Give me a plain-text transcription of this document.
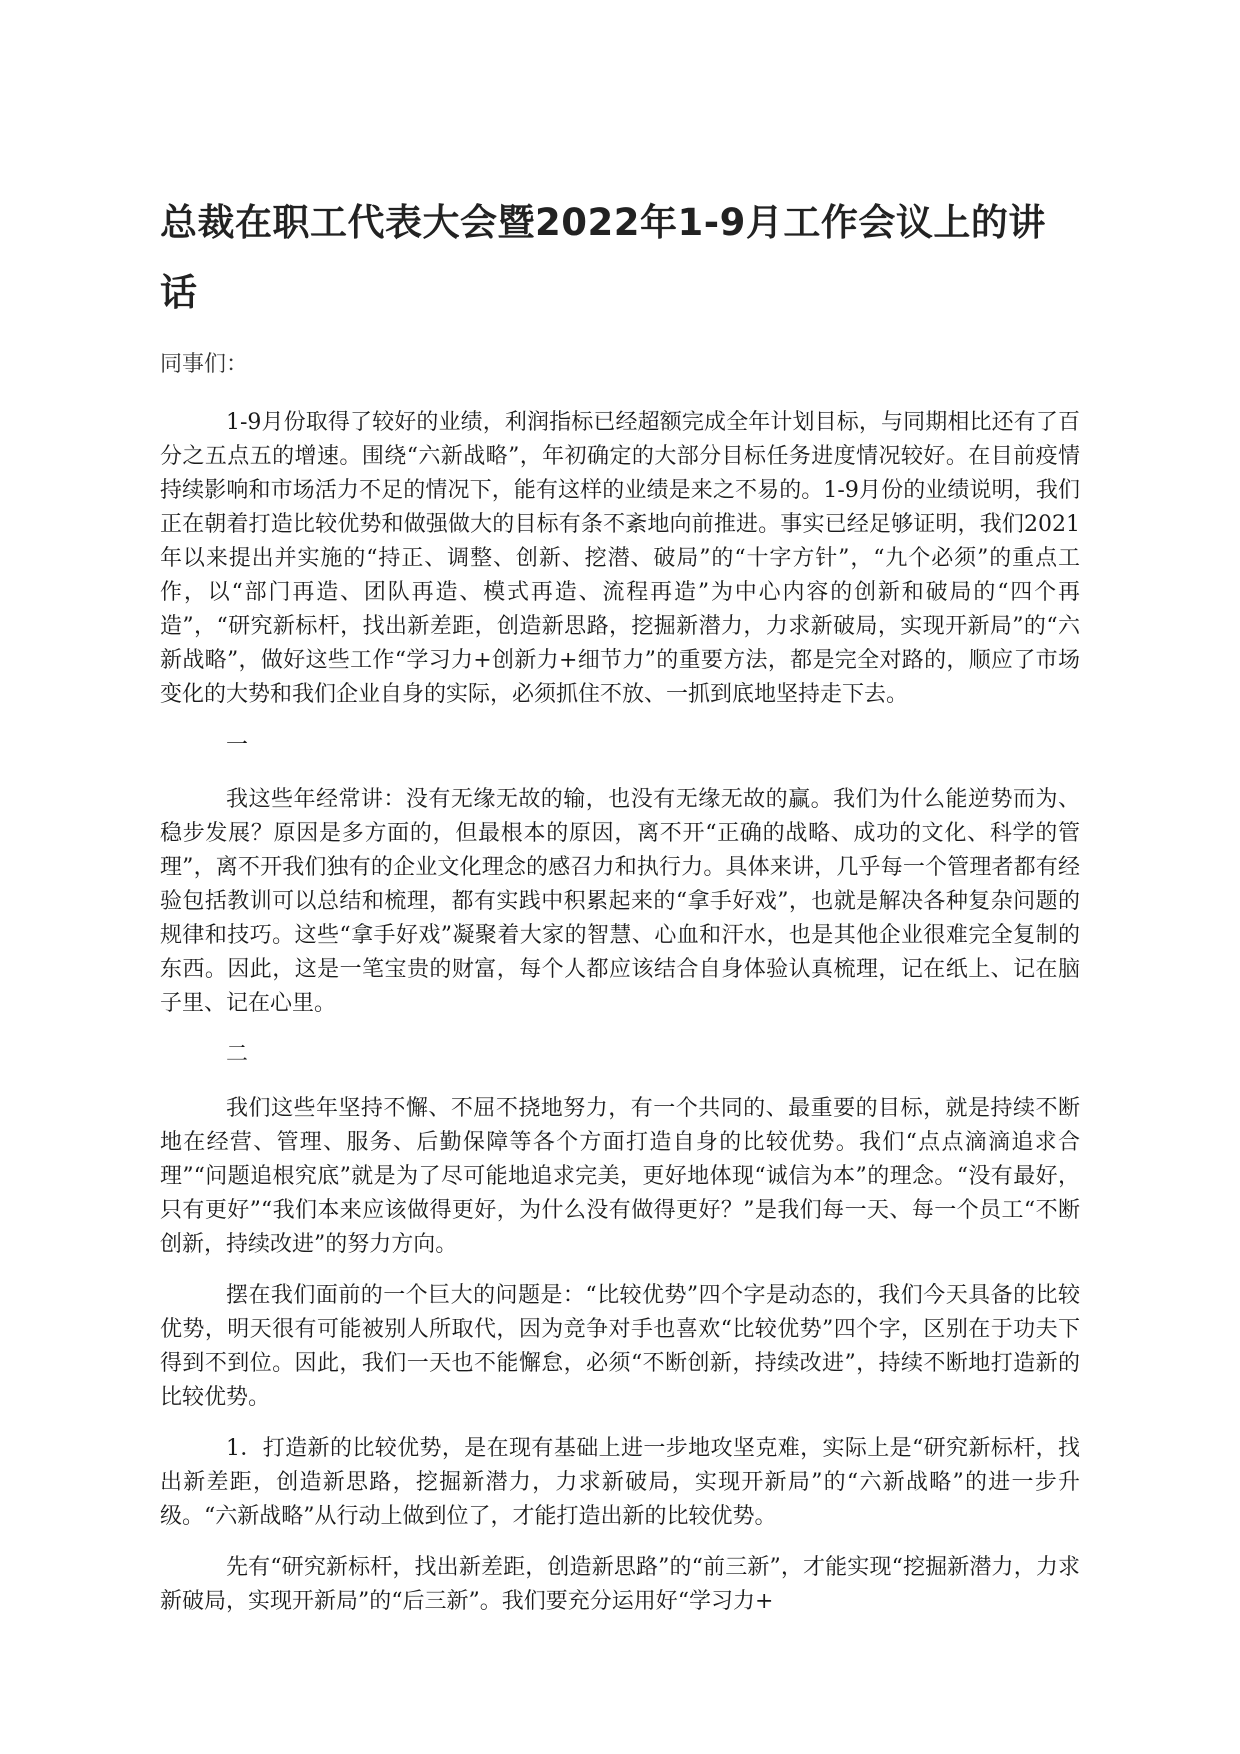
总裁在职工代表大会暨2022年1-9月工作会议上的讲话

同事们：

1-9月份取得了较好的业绩，利润指标已经超额完成全年计划目标，与同期相比还有了百分之五点五的增速。围绕“六新战略”，年初确定的大部分目标任务进度情况较好。在目前疫情持续影响和市场活力不足的情况下，能有这样的业绩是来之不易的。1-9月份的业绩说明，我们正在朝着打造比较优势和做强做大的目标有条不紊地向前推进。事实已经足够证明，我们2021年以来提出并实施的“持正、调整、创新、挖潜、破局”的“十字方针”，“九个必须”的重点工作，以“部门再造、团队再造、模式再造、流程再造”为中心内容的创新和破局的“四个再造”，“研究新标杆，找出新差距，创造新思路，挖掘新潜力，力求新破局，实现开新局”的“六新战略”，做好这些工作“学习力+创新力+细节力”的重要方法，都是完全对路的，顺应了市场变化的大势和我们企业自身的实际，必须抓住不放、一抓到底地坚持走下去。

一

我这些年经常讲：没有无缘无故的输，也没有无缘无故的赢。我们为什么能逆势而为、稳步发展？原因是多方面的，但最根本的原因，离不开“正确的战略、成功的文化、科学的管理”，离不开我们独有的企业文化理念的感召力和执行力。具体来讲，几乎每一个管理者都有经验包括教训可以总结和梳理，都有实践中积累起来的“拿手好戏”，也就是解决各种复杂问题的规律和技巧。这些“拿手好戏”凝聚着大家的智慧、心血和汗水，也是其他企业很难完全复制的东西。因此，这是一笔宝贵的财富，每个人都应该结合自身体验认真梳理，记在纸上、记在脑子里、记在心里。

二

我们这些年坚持不懈、不屈不挠地努力，有一个共同的、最重要的目标，就是持续不断地在经营、管理、服务、后勤保障等各个方面打造自身的比较优势。我们“点点滴滴追求合理”“问题追根究底”就是为了尽可能地追求完美，更好地体现“诚信为本”的理念。“没有最好，只有更好”“我们本来应该做得更好，为什么没有做得更好？”是我们每一天、每一个员工“不断创新，持续改进”的努力方向。

摆在我们面前的一个巨大的问题是：“比较优势”四个字是动态的，我们今天具备的比较优势，明天很有可能被别人所取代，因为竞争对手也喜欢“比较优势”四个字，区别在于功夫下得到不到位。因此，我们一天也不能懈怠，必须“不断创新，持续改进”，持续不断地打造新的比较优势。

1．打造新的比较优势，是在现有基础上进一步地攻坚克难，实际上是“研究新标杆，找出新差距，创造新思路，挖掘新潜力，力求新破局，实现开新局”的“六新战略”的进一步升级。“六新战略”从行动上做到位了，才能打造出新的比较优势。

先有“研究新标杆，找出新差距，创造新思路”的“前三新”，才能实现“挖掘新潜力，力求新破局，实现开新局”的“后三新”。我们要充分运用好“学习力+
